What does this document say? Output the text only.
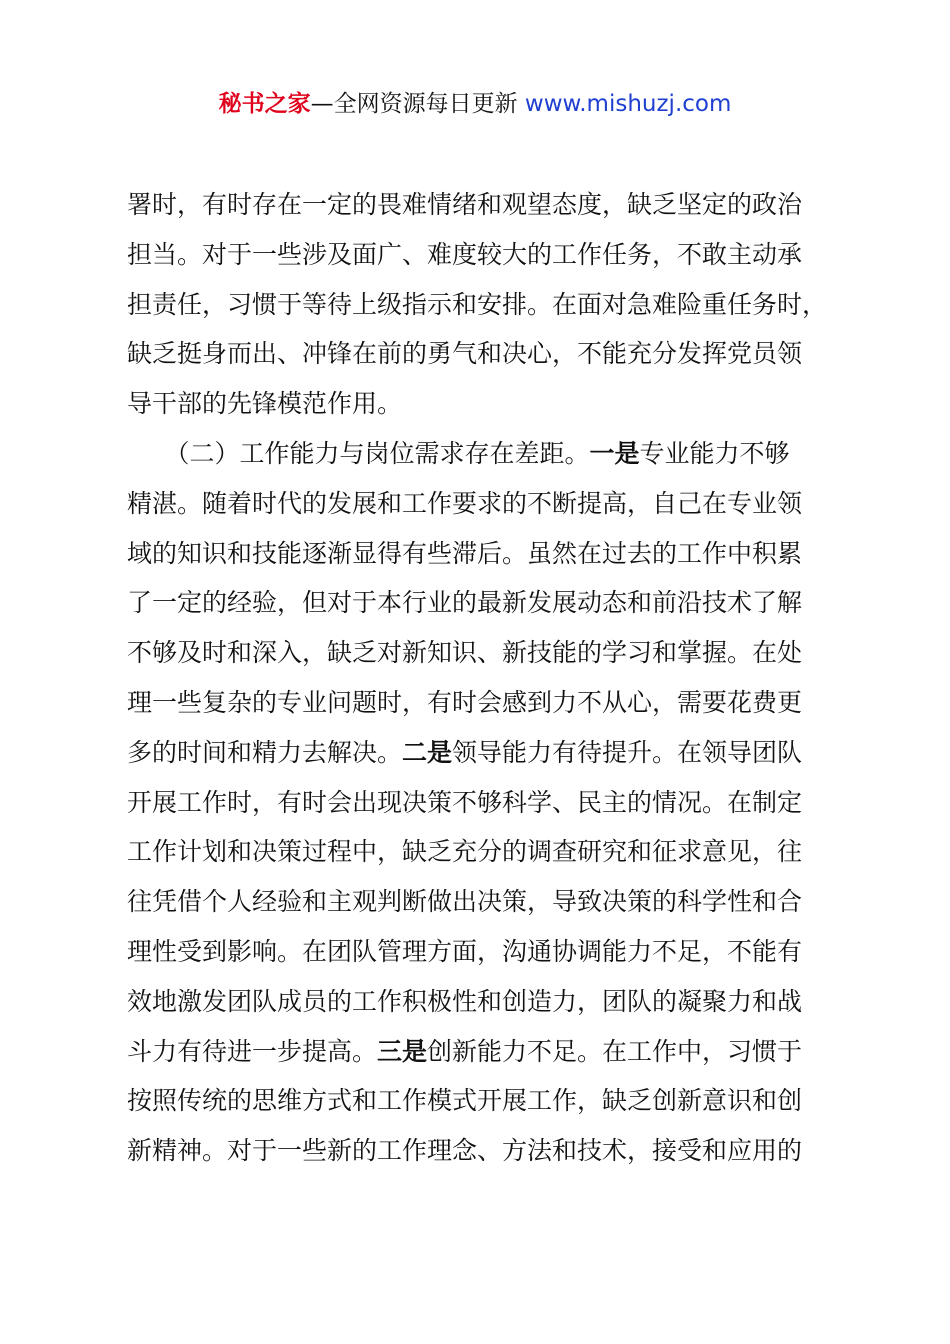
秘书之家—全网资源每日更新 www.mishuzj.com
署时，有时存在一定的畏难情绪和观望态度，缺乏坚定的政治
担当。对于一些涉及面广、难度较大的工作任务，不敢主动承
担责任，习惯于等待上级指示和安排。在面对急难险重任务时，
缺乏挺身而出、冲锋在前的勇气和决心，不能充分发挥党员领
导干部的先锋模范作用。
　　（二）工作能力与岗位需求存在差距。一是专业能力不够
精湛。随着时代的发展和工作要求的不断提高，自己在专业领
域的知识和技能逐渐显得有些滞后。虽然在过去的工作中积累
了一定的经验，但对于本行业的最新发展动态和前沿技术了解
不够及时和深入，缺乏对新知识、新技能的学习和掌握。在处
理一些复杂的专业问题时，有时会感到力不从心，需要花费更
多的时间和精力去解决。二是领导能力有待提升。在领导团队
开展工作时，有时会出现决策不够科学、民主的情况。在制定
工作计划和决策过程中，缺乏充分的调查研究和征求意见，往
往凭借个人经验和主观判断做出决策，导致决策的科学性和合
理性受到影响。在团队管理方面，沟通协调能力不足，不能有
效地激发团队成员的工作积极性和创造力，团队的凝聚力和战
斗力有待进一步提高。三是创新能力不足。在工作中，习惯于
按照传统的思维方式和工作模式开展工作，缺乏创新意识和创
新精神。对于一些新的工作理念、方法和技术，接受和应用的
